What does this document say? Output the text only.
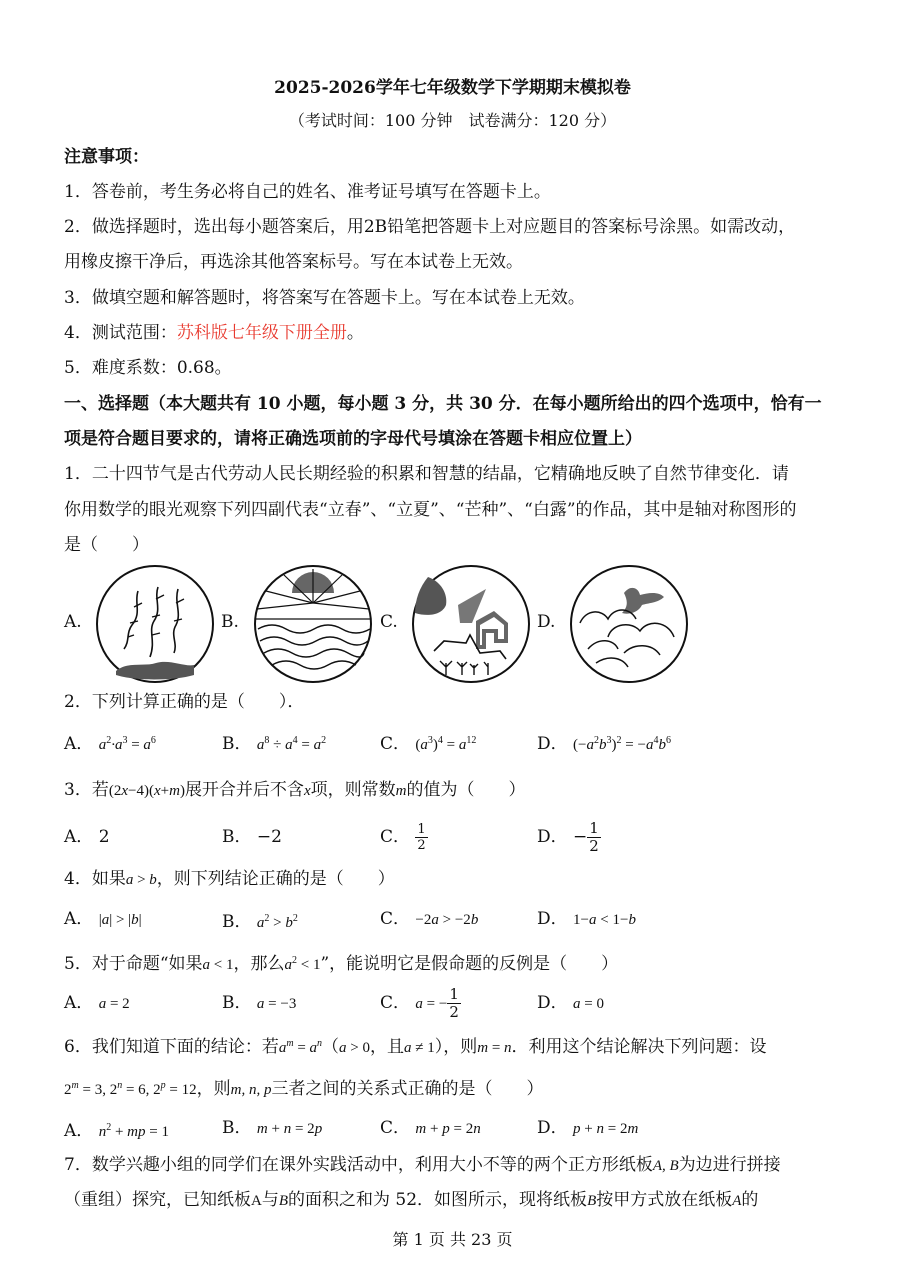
2025-2026学年七年级数学下学期期末模拟卷
（考试时间：100 分钟　试卷满分：120 分）
注意事项：
1．答卷前，考生务必将自己的姓名、准考证号填写在答题卡上。
2．做选择题时，选出每小题答案后，用2B铅笔把答题卡上对应题目的答案标号涂黑。如需改动，
用橡皮擦干净后，再选涂其他答案标号。写在本试卷上无效。
3．做填空题和解答题时，将答案写在答题卡上。写在本试卷上无效。
4．测试范围：苏科版七年级下册全册。
5．难度系数：0.68。
一、选择题（本大题共有 10 小题，每小题 3 分，共 30 分．在每小题所给出的四个选项中，恰有一
项是符合题目要求的，请将正确选项前的字母代号填涂在答题卡相应位置上）
1．二十四节气是古代劳动人民长期经验的积累和智慧的结晶，它精确地反映了自然节律变化．请
你用数学的眼光观察下列四副代表“立春”、“立夏”、“芒种”、“白露”的作品，其中是轴对称图形的
是（　　）
A.	B.	C.	D.
2．下列计算正确的是（　　）．
A． $a^2\cdot a^3 = a^6$	B． $a^8 \div a^4 = a^2$	C． $(a^3)^4 = a^{12}$	D． $(-a^2b^3)^2 = -a^4b^6$
3．若(2x−4)(x+m)展开合并后不含x项，则常数m的值为（　　）
A． 2	B． −2	C． $\frac{1}{2}$	D． − $\frac{1}{2}$
4．如果a > b，则下列结论正确的是（　　）
A． |a| > |b|	B． $a^2 > b^2$	C． −2a > −2b	D． 1−a < 1−b
5．对于命题“如果a < 1，那么$a^2 < 1$”，能说明它是假命题的反例是（　　）
A． a = 2	B． a = −3	C． a = − $\frac{1}{2}$	D． a = 0
6．我们知道下面的结论：若$a^m = a^n(a > 0$，且a ≠ 1），则m = n．利用这个结论解决下列问题：设
$2^m = 3$, $2^n = 6$, $2^p = 12$，则m, n, p三者之间的关系式正确的是（　　）
A． $n^2$ + mp = 1	B． m + n = 2p	C． m + p = 2n	D． p + n = 2m
7．数学兴趣小组的同学们在课外实践活动中，利用大小不等的两个正方形纸板A, B为边进行拼接
（重组）探究，已知纸板A与B的面积之和为 52．如图所示，现将纸板B按甲方式放在纸板A的
第 1 页 共 23 页
